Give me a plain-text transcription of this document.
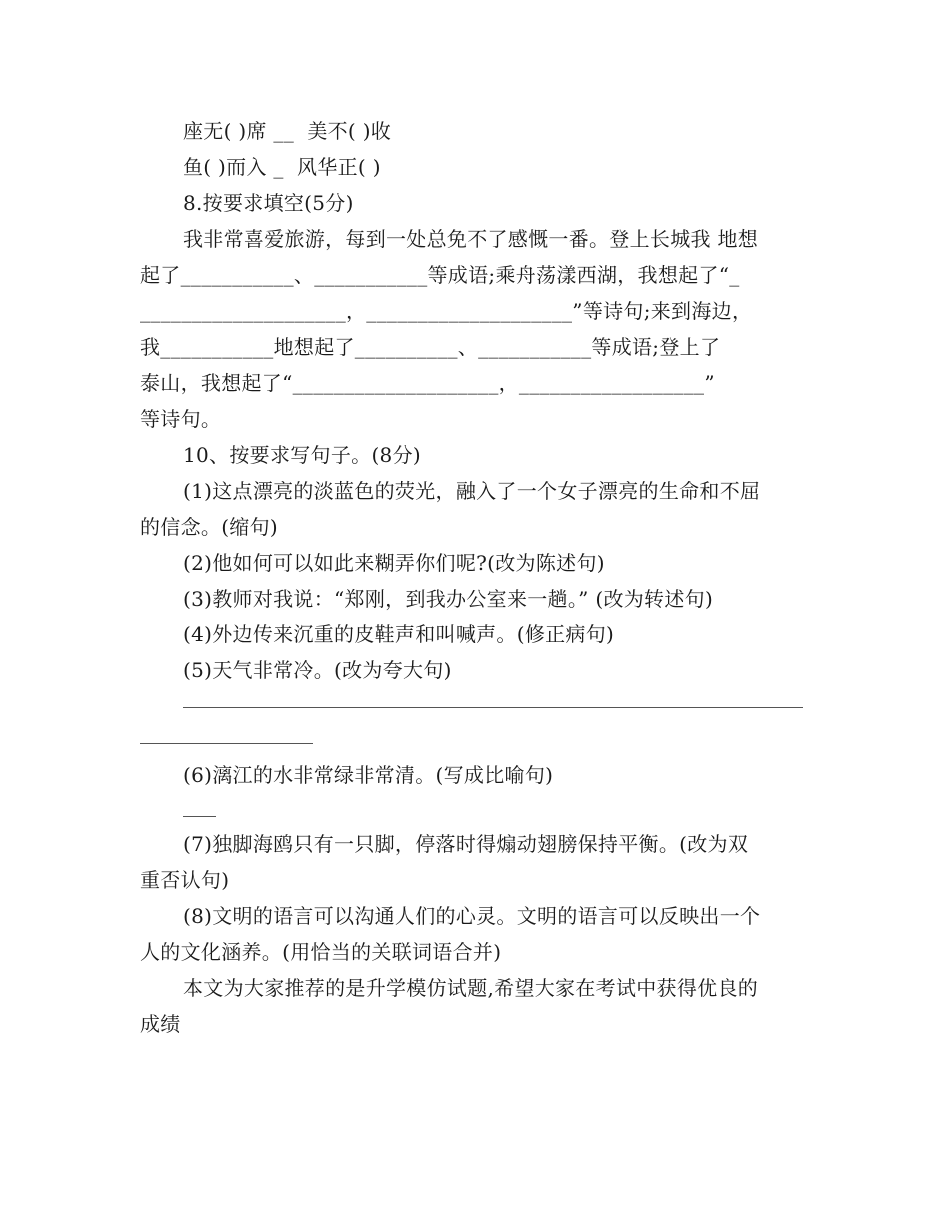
座无( )席 __  美不( )收
鱼( )而入 _  风华正( )
8.按要求填空(5分)
我非常喜爱旅游，每到一处总免不了感慨一番。登上长城我 地想
起了___________、___________等成语;乘舟荡漾西湖，我想起了“_
____________________，____________________”等诗句;来到海边，
我___________地想起了__________、___________等成语;登上了
泰山，我想起了“____________________，__________________”
等诗句。
10、按要求写句子。(8分)
(1)这点漂亮的淡蓝色的荧光，融入了一个女子漂亮的生命和不屈
的信念。(缩句)
(2)他如何可以如此来糊弄你们呢?(改为陈述句)
(3)教师对我说：“郑刚，到我办公室来一趟。” (改为转述句)
(4)外边传来沉重的皮鞋声和叫喊声。(修正病句)
(5)天气非常冷。(改为夸大句)
(6)漓江的水非常绿非常清。(写成比喻句)
(7)独脚海鸥只有一只脚，停落时得煽动翅膀保持平衡。(改为双
重否认句)
(8)文明的语言可以沟通人们的心灵。文明的语言可以反映出一个
人的文化涵养。(用恰当的关联词语合并)
本文为大家推荐的是升学模仿试题,希望大家在考试中获得优良的
成绩
